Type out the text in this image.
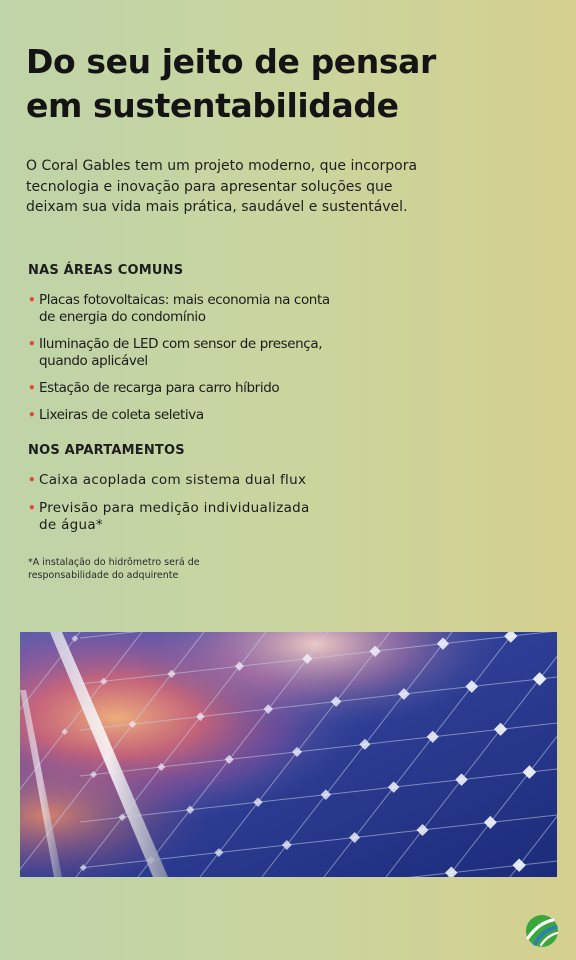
Do seu jeito de pensar
em sustentabilidade

O Coral Gables tem um projeto moderno, que incorpora
tecnologia e inovação para apresentar soluções que
deixam sua vida mais prática, saudável e sustentável.

NAS ÁREAS COMUNS
• Placas fotovoltaicas: mais economia na conta
de energia do condomínio
• Iluminação de LED com sensor de presença,
quando aplicável
• Estação de recarga para carro híbrido
• Lixeiras de coleta seletiva
NOS APARTAMENTOS
• Caixa acoplada com sistema dual flux
• Previsão para medição individualizada
de água*

*A instalação do hidrômetro será de
responsabilidade do adquirente
